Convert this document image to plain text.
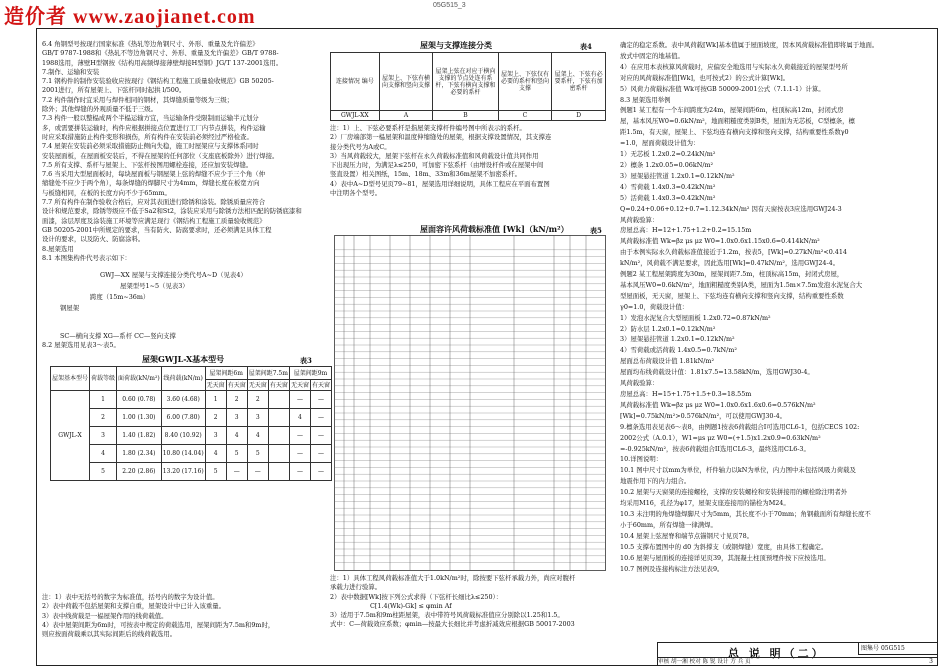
造价者 www.zaojianet.com
05G515_3

6.4 角钢型号按现行国家标准《热轧等边角钢尺寸、外形、重量及允许偏差》

GB/T 9787-1988和《热轧不等边角钢尺寸、外形、重量及允许偏差》GB/T 9788-

1988选用，薄壁H型钢按《结构用高频焊接薄壁焊接H型钢》JG/T 137-2001选用。

7.制作、运输和安装

7.1 钢构件的制作安装验收应按现行《钢结构工程施工质量验收规范》GB 50205-

2001进行，所有屋架上、下弦杆同时起拱 l/500。

7.2 构件制作时宜采用与焊件相同的钢材，其焊缝质量等级为三级；

除外；其他焊缝的外观质量不低于三级。

7.3 构件一般以整榀成两个半榀运输方宜，当运输条件受限制而运输半元划分

多，或需要拼装运输时，构件应根据拼接点位置进行工厂内节点拼装，构件运输

时应采取措施防止构件变形和损伤，所有构件在安装前必须经过严格检查。

7.4 屋架在安装前必须采取措施防止侧向失稳，施工时屋架应与支撑体系同时

安装屋面板，在屋面板安装后，不得在屋架的任何部位（支座底板除外）进行焊接。

7.5 所有支撑、系杆与屋架上、下弦杆按图用螺栓连接，还应加安装焊缝。

7.6 当采用大型屋面板时，每块屋面板与钢屋架上弦的焊缝不应少于三个角（仲

缩缝处不应少于两个角），每条焊缝的焊脚尺寸为4mm，焊缝长度在板宽方向

与板缝相同，在板的长度方向不少于65mm。

7.7 所有构件在制作验收合格后，应对其表面进行除锈和涂装。除锈质量应符合

设计和规范要求，除锈等级应不低于Sa2和St2，涂装应采用与除锈方法相匹配的防锈底漆和

面漆，涂层厚度及涂装施工环境等应满足现行《钢结构工程施工质量验收规范》

GB 50205-2001中所规定的要求，当有防火、防腐要求时，还必须满足具体工程

设计的要求，以及防火、防腐涂料。

8.屋架选用

8.1 本图集构件代号表示如下：

GWJ—XX 屋架与支撑连接分类代号A~D（见表4）

屋架型号1~5（见表3）

跨度（15m~36m）

钢屋架

SC—横向支撑 XG—系杆 CC—竖向支撑

8.2 屋架选用见表3～表5。

屋架GWJL-X基本型号	表3
屋架基本型号	荷载等级	面荷载(kN/m²)	线荷载(kN/m)	屋架间距6m		屋架间距7.5m		屋架间距9m	
				无天窗	有天窗	无天窗	有天窗	无天窗	有天窗
GWJL-X	1	0.60 (0.78)	3.60 (4.68)	1	2	2		—	—
	2	1.00 (1.30)	6.00 (7.80)	2	3	3		4	—
	3	1.40 (1.82)	8.40 (10.92)	3	4	4		—	—
	4	1.80 (2.34)	10.80 (14.04)	4	5	5		—	—
	5	2.20 (2.86)	13.20 (17.16)	5	—	—		—	—

注：1）表中无括号的数字为标准值，括号内的数字为设计值。

2）表中荷载不包括屋架和支撑自重，屋架设计中已计入该重量。

3）表中线荷载是一榀屋架作用的线荷载值。

4）表中屋架间距为6m时，可按表中规定的荷载选用，屋架间距为7.5m和9m时，

则应按面荷载乘以其实际间距后的线荷载选用。

屋架与支撑连接分类	表4
连接情况 编号	屋架上、下弦有横向支撑和竖向支撑	屋架上弦在对应于横向支撑的节点处连有系杆，下弦有横向支撑和必要的系杆	屋架上、下弦仅有必要的系杆和竖向支撑	屋架上、下弦有必要系杆，下弦有加密系杆
GWJL-XX	A	B	C	D

注：1）上、下弦必要系杆是指屋架支撑杆件编号图中所表示的系杆。

2）厂房端部第一榀屋架和温度伸缩缝处的屋架，根据支撑设置情况，其支撑连

接分类代号为A或C。

3）当风荷载较大，屋架下弦杆在永久荷载标准值和风荷载设计值共同作用

下出现压力时，为满足λ≤250，可加密下弦系杆（由增设杆件或在屋架中间

竖直设置）相关图纸，15m、18m、33m和36m屋架不加密系杆。

4）表中A~D型号见页79~81，屋架选用详细说明，具体工程应在平面布置图

中注明各个型号。

屋面容许风荷载标准值 [Wk]（kN/m²）	表5

注：1）具体工程风荷载标准值大于1.0kN/m²时，除按要下弦杆承载力外，尚应对腹杆

承载力进行验算。

2）表中数据[Wk]按下列公式求得（下弦杆长细比λ≤250）：

C[1.4(Wk)-Gk] ≤ φmin Af

3）适用于7.5m和9m柱距屋架，表中带符号风荷载标准值应分别除以1.25和1.5。

式中：C—荷载效应系数；φmin—按最大长细比并考虑折减效应根据GB 50017-2003

确定的稳定系数。表中风荷载[Wk]基本值属于屋面坡度，因本风荷载标准值即将属于地面。

放式中固定的地基值。

4）在应用本表核算风荷载时，应偏安全地选用与实际永久荷载接近的屋架型号所

对应的风荷载标准值[Wk]，也可按式2）的公式计算[Wk]。

5）风荷力荷载标准值 Wk可按GB 50009-2001公式（7.1.1-1）计算。

8.3 屋架选用举例

例题1 某工程有一个车间跨度为24m，屋架间距6m，柱顶标高12m，封闭式房

屋，基本风压W0=0.6kN/m²，地面粗糙度类别B类，屋面为无芯板，C型檩条，檩

距1.5m，有天窗，屋架上、下弦均连有横向支撑和竖向支撑，结构重要性系数γ0

=1.0，屋面荷载设计值为：

1）无芯板 1.2x0.2=0.24kN/m²

2）檩条 1.2x0.05=0.06kN/m²

3）屋架悬挂管道 1.2x0.1=0.12kN/m²

4）雪荷载 1.4x0.3=0.42kN/m²

5）活荷载 1.4x0.3=0.42kN/m²

Q=0.24+0.06+0.12+0.7=1.12.34kN/m² 因有天窗按表3应选用GWJ24-3

风荷载验算：

房屋总高：H=12+1.75+1.2+0.2=15.15m

风荷载标准值 Wk=βz μs μz W0=1.0x0.6x1.15x0.6=0.414kN/m²

由于本例实际永久荷载标准值接近于1.2m，按表5，[Wk]=0.27kN/m²<0.414

kN/m²，风荷载不满足要求，因此选用[Wk]=0.47kN/m²，选用GWJ24-4。

例题2 某工程屋架跨度为30m，屋架间距7.5m，柱顶标高15m，封闭式房屋，

基本风压W0=0.6kN/m²，地面粗糙度类别A类，屋面为1.5m×7.5m发泡水泥复合大

型屋面板，无天窗，屋架上、下弦均连有横向支撑和竖向支撑，结构重要性系数

γ0=1.0，荷载设计值：

1）发泡水泥复合大型屋面板 1.2x0.72=0.87kN/m²

2）防水层 1.2x0.1=0.12kN/m²

3）屋架悬挂管道 1.2x0.1=0.12kN/m²

4）雪荷载或活荷载 1.4x0.5=0.7kN/m²

屋面总布荷载设计值 1.81kN/m²

屋面均布线荷载设计值：1.81x7.5=13.58kN/m，选用GWJ30-4。

风荷载验算：

房屋总高：H=15+1.75+1.5+0.3=18.55m

风荷载标准值 Wk=βz μs μz W0=1.0x0.6x1.6x0.6=0.576kN/m²

[Wk]=0.75kN/m²>0.576kN/m²，可以使用GWJ30-4。

9.檩条选用表见表6～表8，由例题1按表6荷载组合I可选用CL6-1，包括CECS 102:

2002公式（A.0.1），W1=μs μz W0=(+1.5)x1.2x0.9=0.63kN/m²

=-0.925kN/m²，按表6荷载组合II选用CL6-3，最终选用CL6-3。

10.详图说明：

10.1 图中尺寸以mm为单位，杆件轴力以kN为单位，内力图中未包括风吸力荷载及

地震作用下的内力组合。

10.2 屋架与天窗架的连接螺栓，支撑的安装螺栓和安装拼接用的螺栓除注明者外

均采用M16，孔径为φ17，屋架支座连接用的锚栓为M24。

10.3 未注明的角焊缝焊脚尺寸为5mm，其长度不小于70mm；角钢截面所有焊缝长度不

小于60mm，所有焊缝一律满焊。

10.4 屋架上弦屋脊和端节点锚钢尺寸见页78。

10.5 支撑布置图中的 d0 为斜撑支（或钢焊缝）宽度，由具体工程确定。

10.6 屋架与屋面板的连接详见页39，其混凝土柱顶预埋件按下应按选用。

10.7 图例及连接构标注方法见表9。

总 说 明（二）	图集号 05G515
审核 胡一湘 校对 陈 锐 设计 方 兵 页	3
